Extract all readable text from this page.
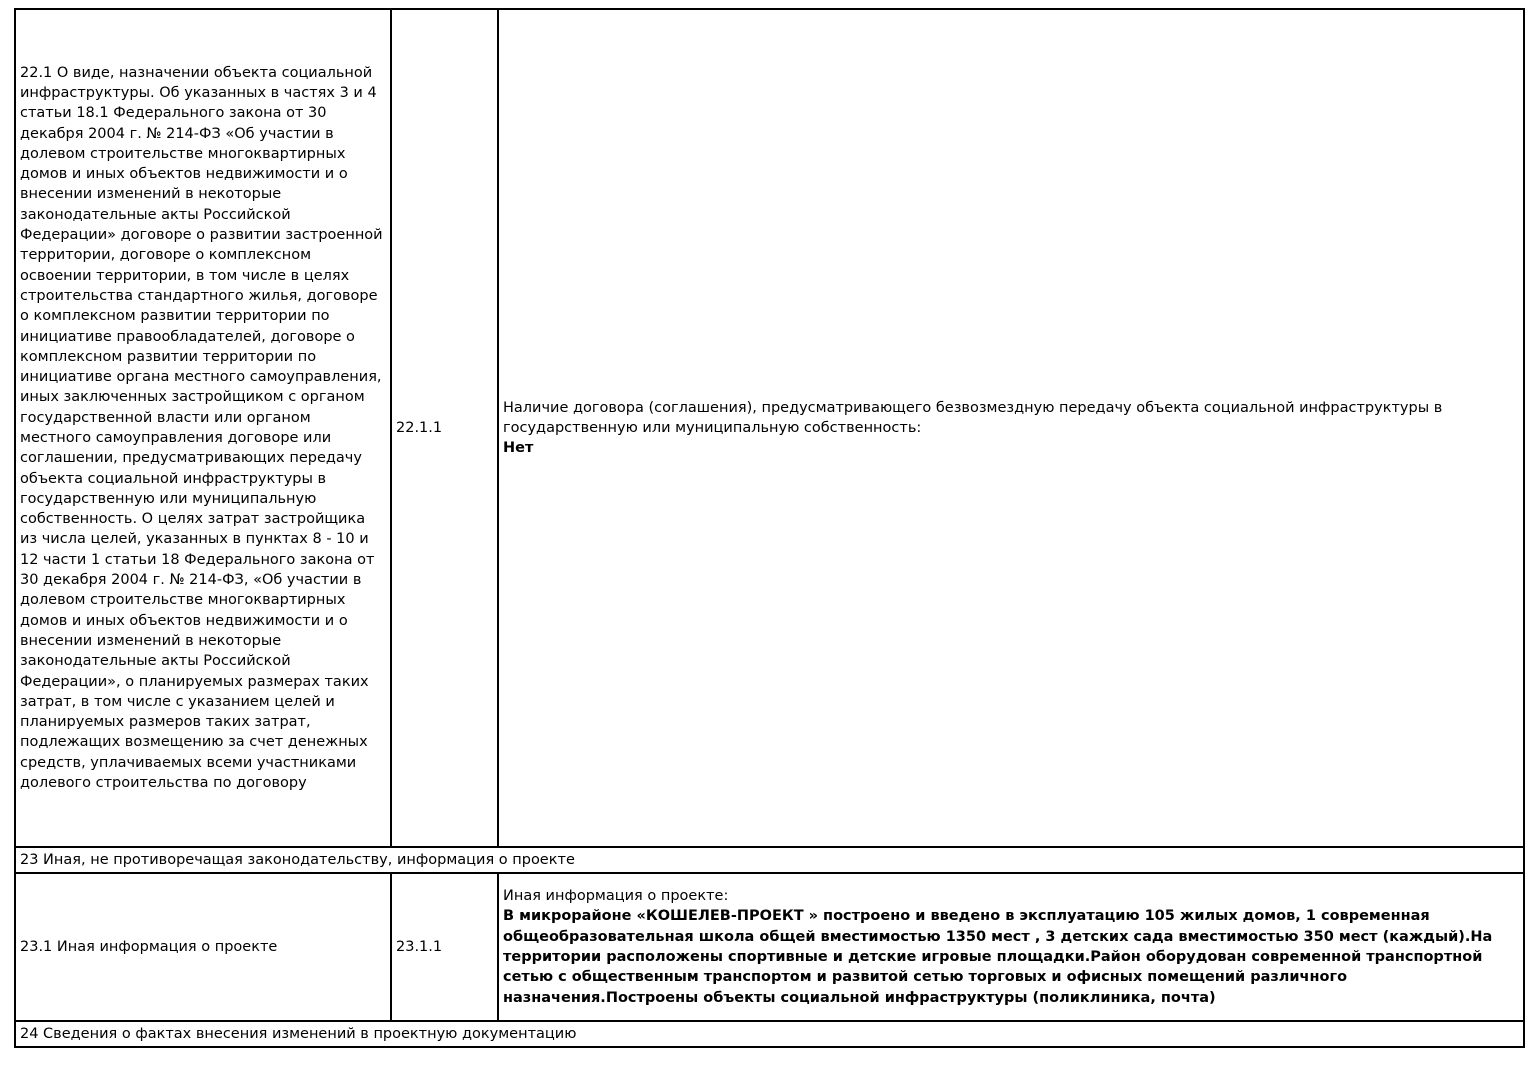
22.1 О виде, назначении объекта социальной инфраструктуры. Об указанных в частях 3 и 4 статьи 18.1 Федерального закона от 30 декабря 2004 г. № 214-ФЗ «Об участии в долевом строительстве многоквартирных домов и иных объектов недвижимости и о внесении изменений в некоторые законодательные акты Российской Федерации» договоре о развитии застроенной территории, договоре о комплексном освоении территории, в том числе в целях строительства стандартного жилья, договоре о комплексном развитии территории по инициативе правообладателей, договоре о комплексном развитии территории по инициативе органа местного самоуправления, иных заключенных застройщиком с органом государственной власти или органом местного самоуправления договоре или соглашении, предусматривающих передачу объекта социальной инфраструктуры в государственную или муниципальную собственность. О целях затрат застройщика из числа целей, указанных в пунктах 8 - 10 и 12 части 1 статьи 18 Федерального закона от 30 декабря 2004 г. № 214-ФЗ, «Об участии в долевом строительстве многоквартирных домов и иных объектов недвижимости и о внесении изменений в некоторые законодательные акты Российской Федерации», о планируемых размерах таких затрат, в том числе с указанием целей и планируемых размеров таких затрат, подлежащих возмещению за счет денежных средств, уплачиваемых всеми участниками долевого строительства по договору	22.1.1	Наличие договора (соглашения), предусматривающего безвозмездную передачу объекта социальной инфраструктуры в государственную или муниципальную собственность:
Нет

23 Иная, не противоречащая законодательству, информация о проекте		
23.1 Иная информация о проекте	23.1.1	Иная информация о проекте:
В микрорайоне «КОШЕЛЕВ-ПРОЕКТ » построено и введено в эксплуатацию 105 жилых домов, 1 современная общеобразовательная школа общей вместимостью 1350 мест , 3 детских сада вместимостью 350 мест (каждый).На территории расположены спортивные и детские игровые площадки.Район оборудован современной транспортной сетью с общественным транспортом и развитой сетью торговых и офисных помещений различного назначения.Построены объекты социальной инфраструктуры (поликлиника, почта)

24 Сведения о фактах внесения изменений в проектную документацию		
